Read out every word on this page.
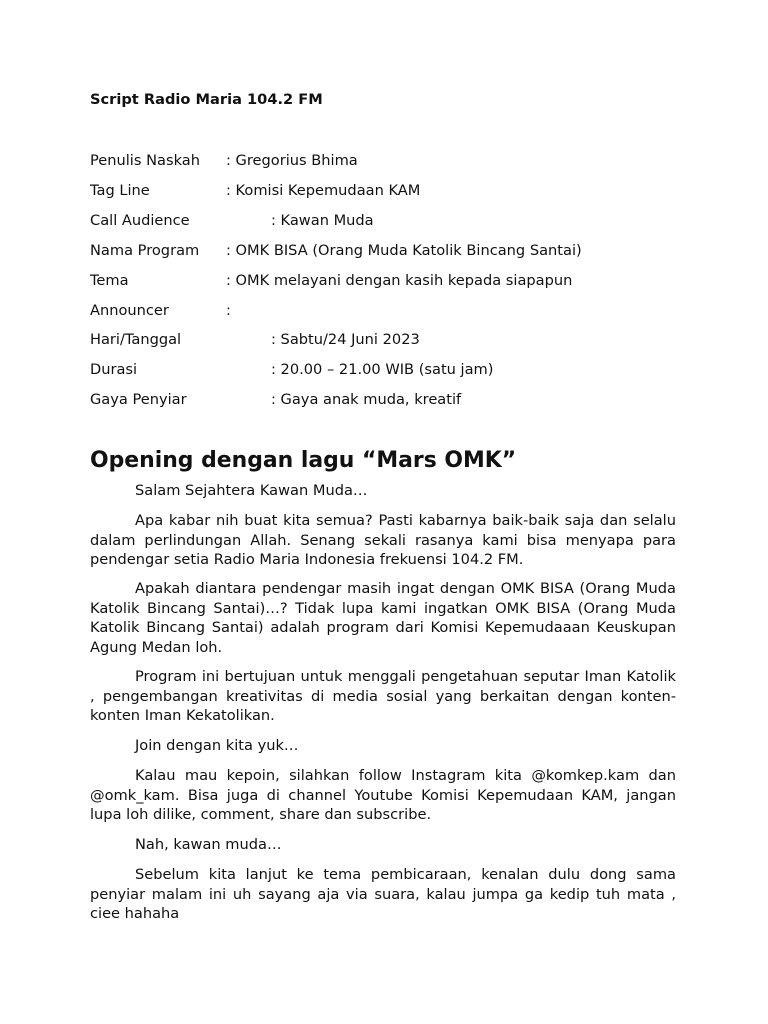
Script Radio Maria 104.2 FM
Penulis Naskah : Gregorius Bhima
Tag Line	: Komisi Kepemudaan KAM
Call Audience	: Kawan Muda
Nama Program : OMK BISA (Orang Muda Katolik Bincang Santai)
Tema	: OMK melayani dengan kasih kepada siapapun
Announcer	:
Hari/Tanggal	: Sabtu/24 Juni 2023
Durasi	: 20.00 – 21.00 WIB (satu jam)
Gaya Penyiar	: Gaya anak muda, kreatif
Opening dengan lagu “Mars OMK”

Salam Sejahtera Kawan Muda…

Apa kabar nih buat kita semua? Pasti kabarnya baik-baik saja dan selalu dalam perlindungan Allah. Senang sekali rasanya kami bisa menyapa para pendengar setia Radio Maria Indonesia frekuensi 104.2 FM.

Apakah diantara pendengar masih ingat dengan OMK BISA (Orang Muda Katolik Bincang Santai)…? Tidak lupa kami ingatkan OMK BISA (Orang Muda Katolik Bincang Santai) adalah program dari Komisi Kepemudaaan Keuskupan Agung Medan loh.

Program ini bertujuan untuk menggali pengetahuan seputar Iman Katolik , pengembangan kreativitas di media sosial yang berkaitan dengan konten-konten Iman Kekatolikan.

Join dengan kita yuk…

Kalau mau kepoin, silahkan follow Instagram kita @komkep.kam dan @omk_kam. Bisa juga di channel Youtube Komisi Kepemudaan KAM, jangan lupa loh dilike, comment, share dan subscribe.

Nah, kawan muda…

Sebelum kita lanjut ke tema pembicaraan, kenalan dulu dong sama penyiar malam ini uh sayang aja via suara, kalau jumpa ga kedip tuh mata , ciee hahaha
